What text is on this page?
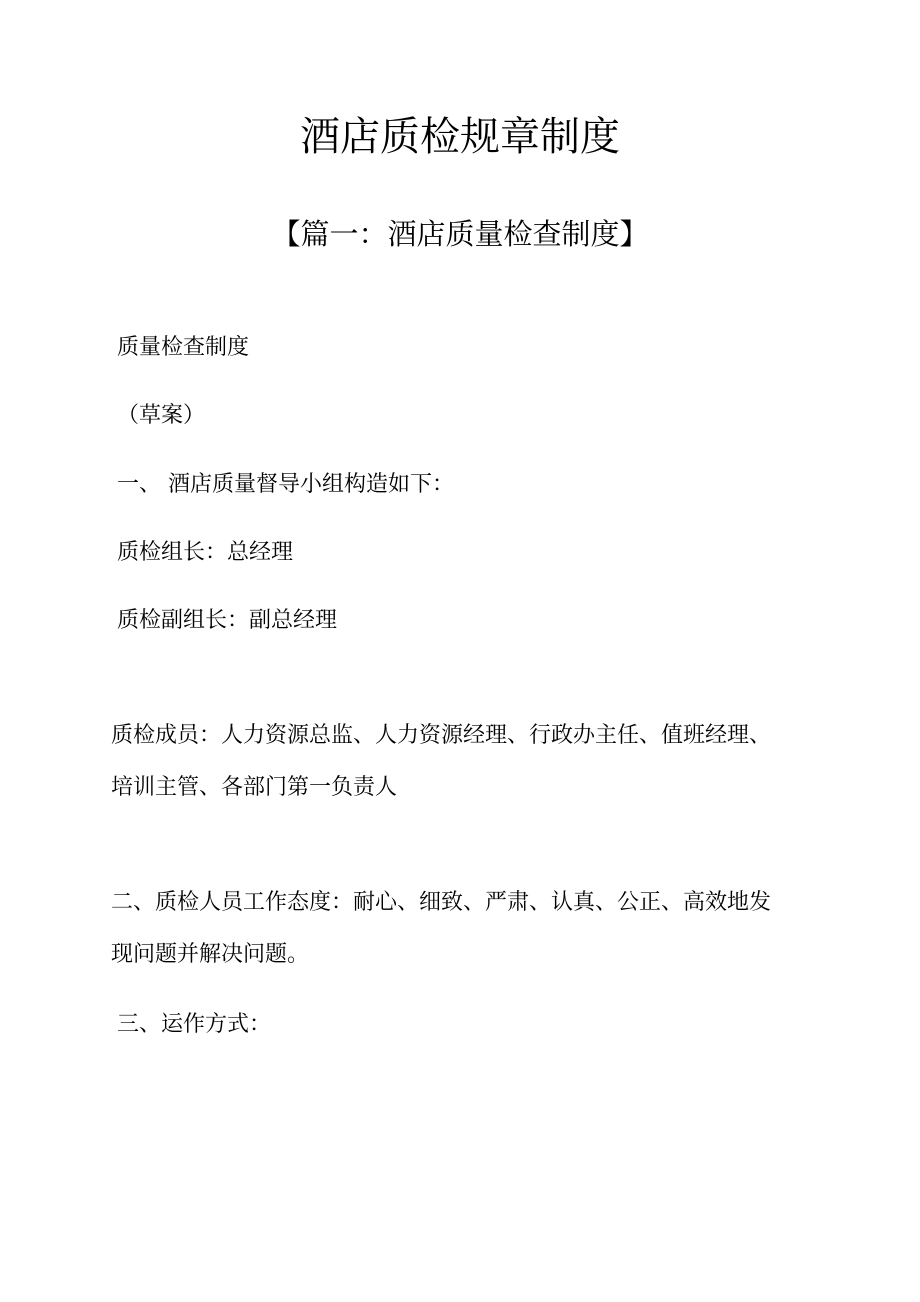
酒店质检规章制度
【篇一：酒店质量检查制度】
质量检查制度
（草案）
一、 酒店质量督导小组构造如下：
质检组长：总经理
质检副组长：副总经理
质检成员：人力资源总监、人力资源经理、行政办主任、值班经理、
培训主管、各部门第一负责人
二、质检人员工作态度：耐心、细致、严肃、认真、公正、高效地发
现问题并解决问题。
三、运作方式：
